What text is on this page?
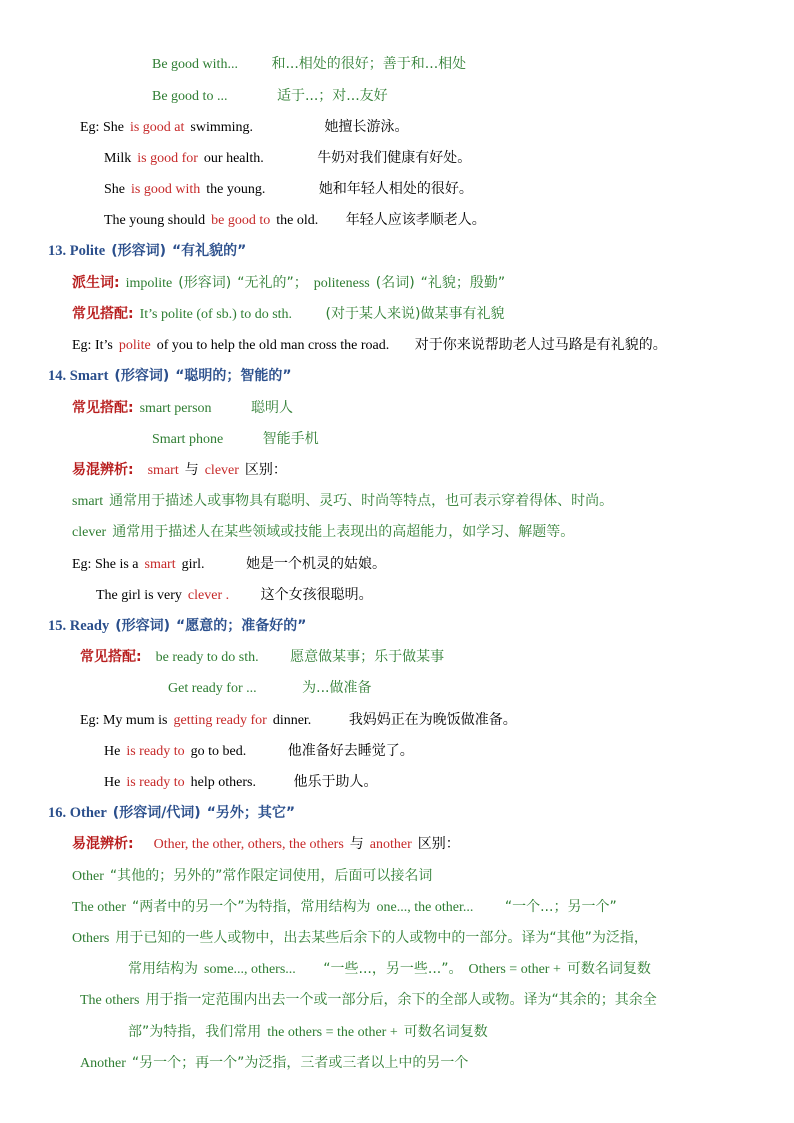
Be good with... 和...相处的很好；善于和...相处
Be good to ...	适于...；对...友好
Eg: She is good at swimming.	她擅长游泳。
Milk is good for our health.	牛奶对我们健康有好处。
She is good with the young.	她和年轻人相处的很好。
The young should be good to the old. 年轻人应该孝顺老人。
13. Polite (形容词) “有礼貌的”
派生词: impolite (形容词) “无礼的”； politeness (名词) “礼貌；殷勤”
常见搭配: It’s polite (of sb.) to do sth. (对于某人来说)做某事有礼貌
Eg: It’s polite of you to help the old man cross the road. 对于你来说帮助老人过马路是有礼貌的。
14. Smart (形容词) “聪明的；智能的”
常见搭配: smart person	聪明人
Smart phone	智能手机
易混辨析: smart 与 clever 区别：
smart 通常用于描述人或事物具有聪明、灵巧、时尚等特点，也可表示穿着得体、时尚。
clever 通常用于描述人在某些领域或技能上表现出的高超能力，如学习、解题等。
Eg: She is a smart girl.	她是一个机灵的姑娘。
The girl is very clever . 这个女孩很聪明。
15. Ready (形容词) “愿意的；准备好的”
常见搭配: be ready to do sth. 愿意做某事；乐于做某事
Get ready for ...	为...做准备
Eg: My mum is getting ready for dinner.	我妈妈正在为晚饭做准备。
He is ready to go to bed.	他准备好去睡觉了。
He is ready to help others.	他乐于助人。
16. Other (形容词/代词) “另外；其它”
易混辨析: Other, the other, others, the others 与 another 区别：
Other “其他的；另外的”常作限定词使用，后面可以接名词
The other “两者中的另一个”为特指，常用结构为 one..., the other... “一个...；另一个”
Others 用于已知的一些人或物中，出去某些后余下的人或物中的一部分。译为“其他”为泛指，
常用结构为 some..., others... “一些...，另一些...”。 Others = other + 可数名词复数
The others 用于指一定范围内出去一个或一部分后，余下的全部人或物。译为“其余的；其余全
部”为特指，我们常用 the others = the other + 可数名词复数
Another “另一个；再一个”为泛指，三者或三者以上中的另一个
